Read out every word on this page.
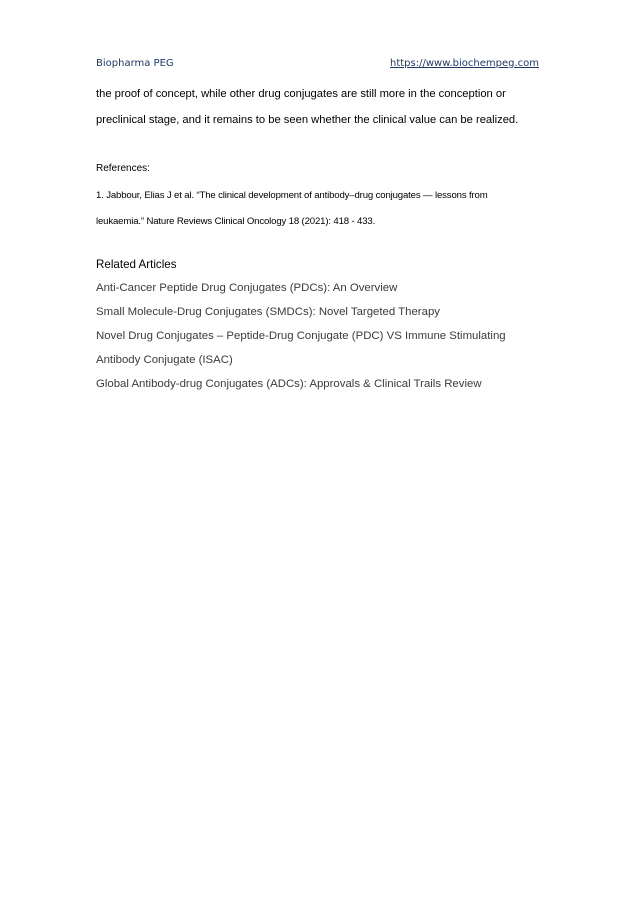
Biopharma PEG	https://www.biochempeg.com
the proof of concept, while other drug conjugates are still more in the conception or
preclinical stage, and it remains to be seen whether the clinical value can be realized.
References:
1. Jabbour, Elias J et al. “The clinical development of antibody–drug conjugates — lessons from
leukaemia.” Nature Reviews Clinical Oncology 18 (2021): 418 - 433.
Related Articles
Anti-Cancer Peptide Drug Conjugates (PDCs): An Overview
Small Molecule-Drug Conjugates (SMDCs): Novel Targeted Therapy
Novel Drug Conjugates – Peptide-Drug Conjugate (PDC) VS Immune Stimulating
Antibody Conjugate (ISAC)
Global Antibody-drug Conjugates (ADCs): Approvals & Clinical Trails Review
